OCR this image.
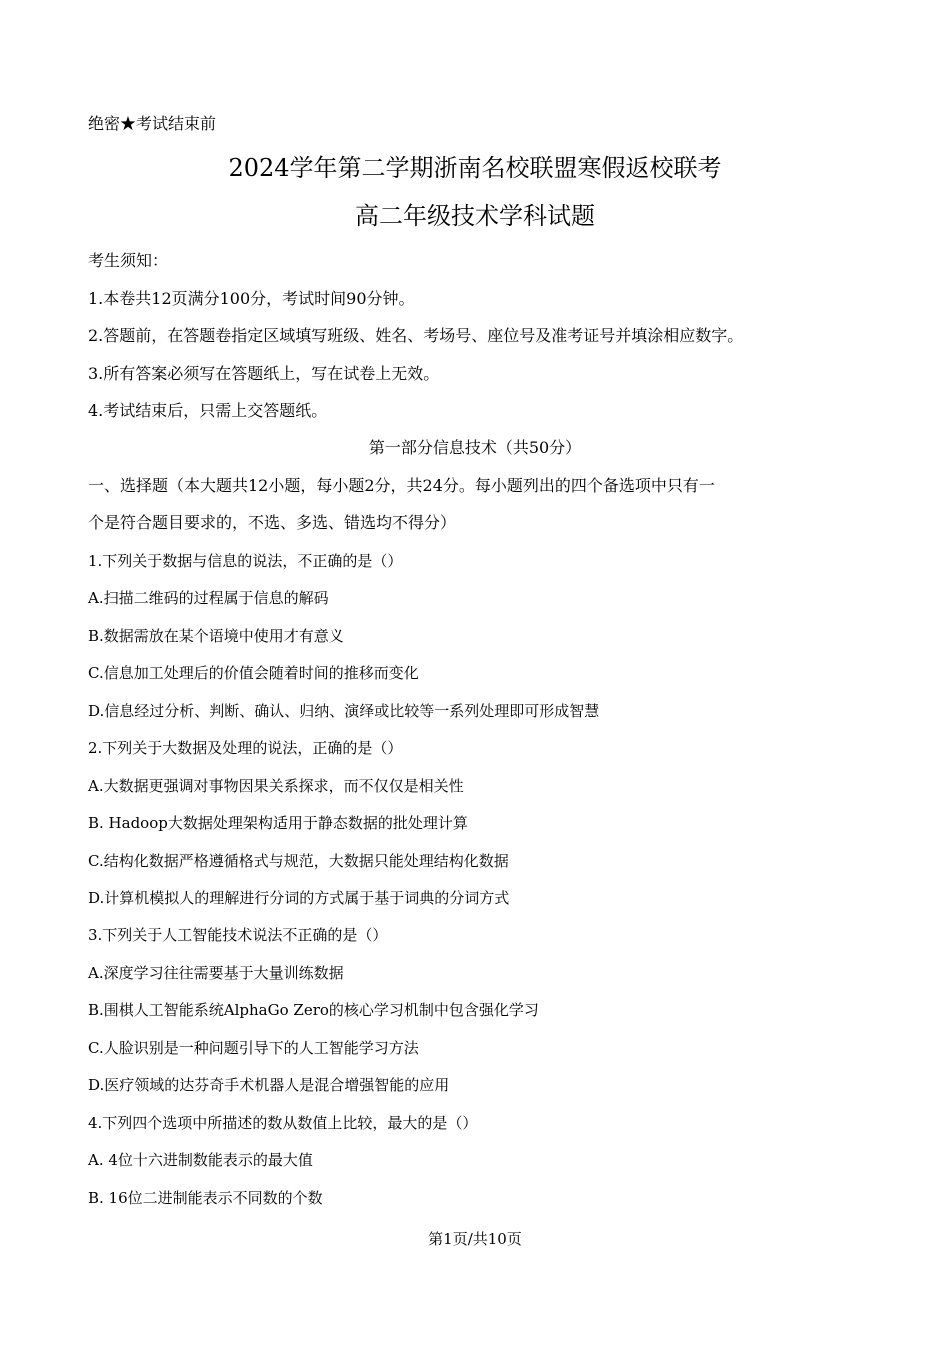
绝密★考试结束前
2024学年第二学期浙南名校联盟寒假返校联考
高二年级技术学科试题
考生须知：
1.本卷共12页满分100分，考试时间90分钟。
2.答题前，在答题卷指定区域填写班级、姓名、考场号、座位号及准考证号并填涂相应数字。
3.所有答案必须写在答题纸上，写在试卷上无效。
4.考试结束后，只需上交答题纸。
第一部分信息技术（共50分）
一、选择题（本大题共12小题，每小题2分，共24分。每小题列出的四个备选项中只有一
个是符合题目要求的，不选、多选、错选均不得分）
1.下列关于数据与信息的说法，不正确的是（）
A.扫描二维码的过程属于信息的解码
B.数据需放在某个语境中使用才有意义
C.信息加工处理后的价值会随着时间的推移而变化
D.信息经过分析、判断、确认、归纳、演绎或比较等一系列处理即可形成智慧
2.下列关于大数据及处理的说法，正确的是（）
A.大数据更强调对事物因果关系探求，而不仅仅是相关性
B. Hadoop大数据处理架构适用于静态数据的批处理计算
C.结构化数据严格遵循格式与规范，大数据只能处理结构化数据
D.计算机模拟人的理解进行分词的方式属于基于词典的分词方式
3.下列关于人工智能技术说法不正确的是（）
A.深度学习往往需要基于大量训练数据
B.围棋人工智能系统AlphaGo Zero的核心学习机制中包含强化学习
C.人脸识别是一种问题引导下的人工智能学习方法
D.医疗领域的达芬奇手术机器人是混合增强智能的应用
4.下列四个选项中所描述的数从数值上比较，最大的是（）
A. 4位十六进制数能表示的最大值
B. 16位二进制能表示不同数的个数
第1页/共10页
